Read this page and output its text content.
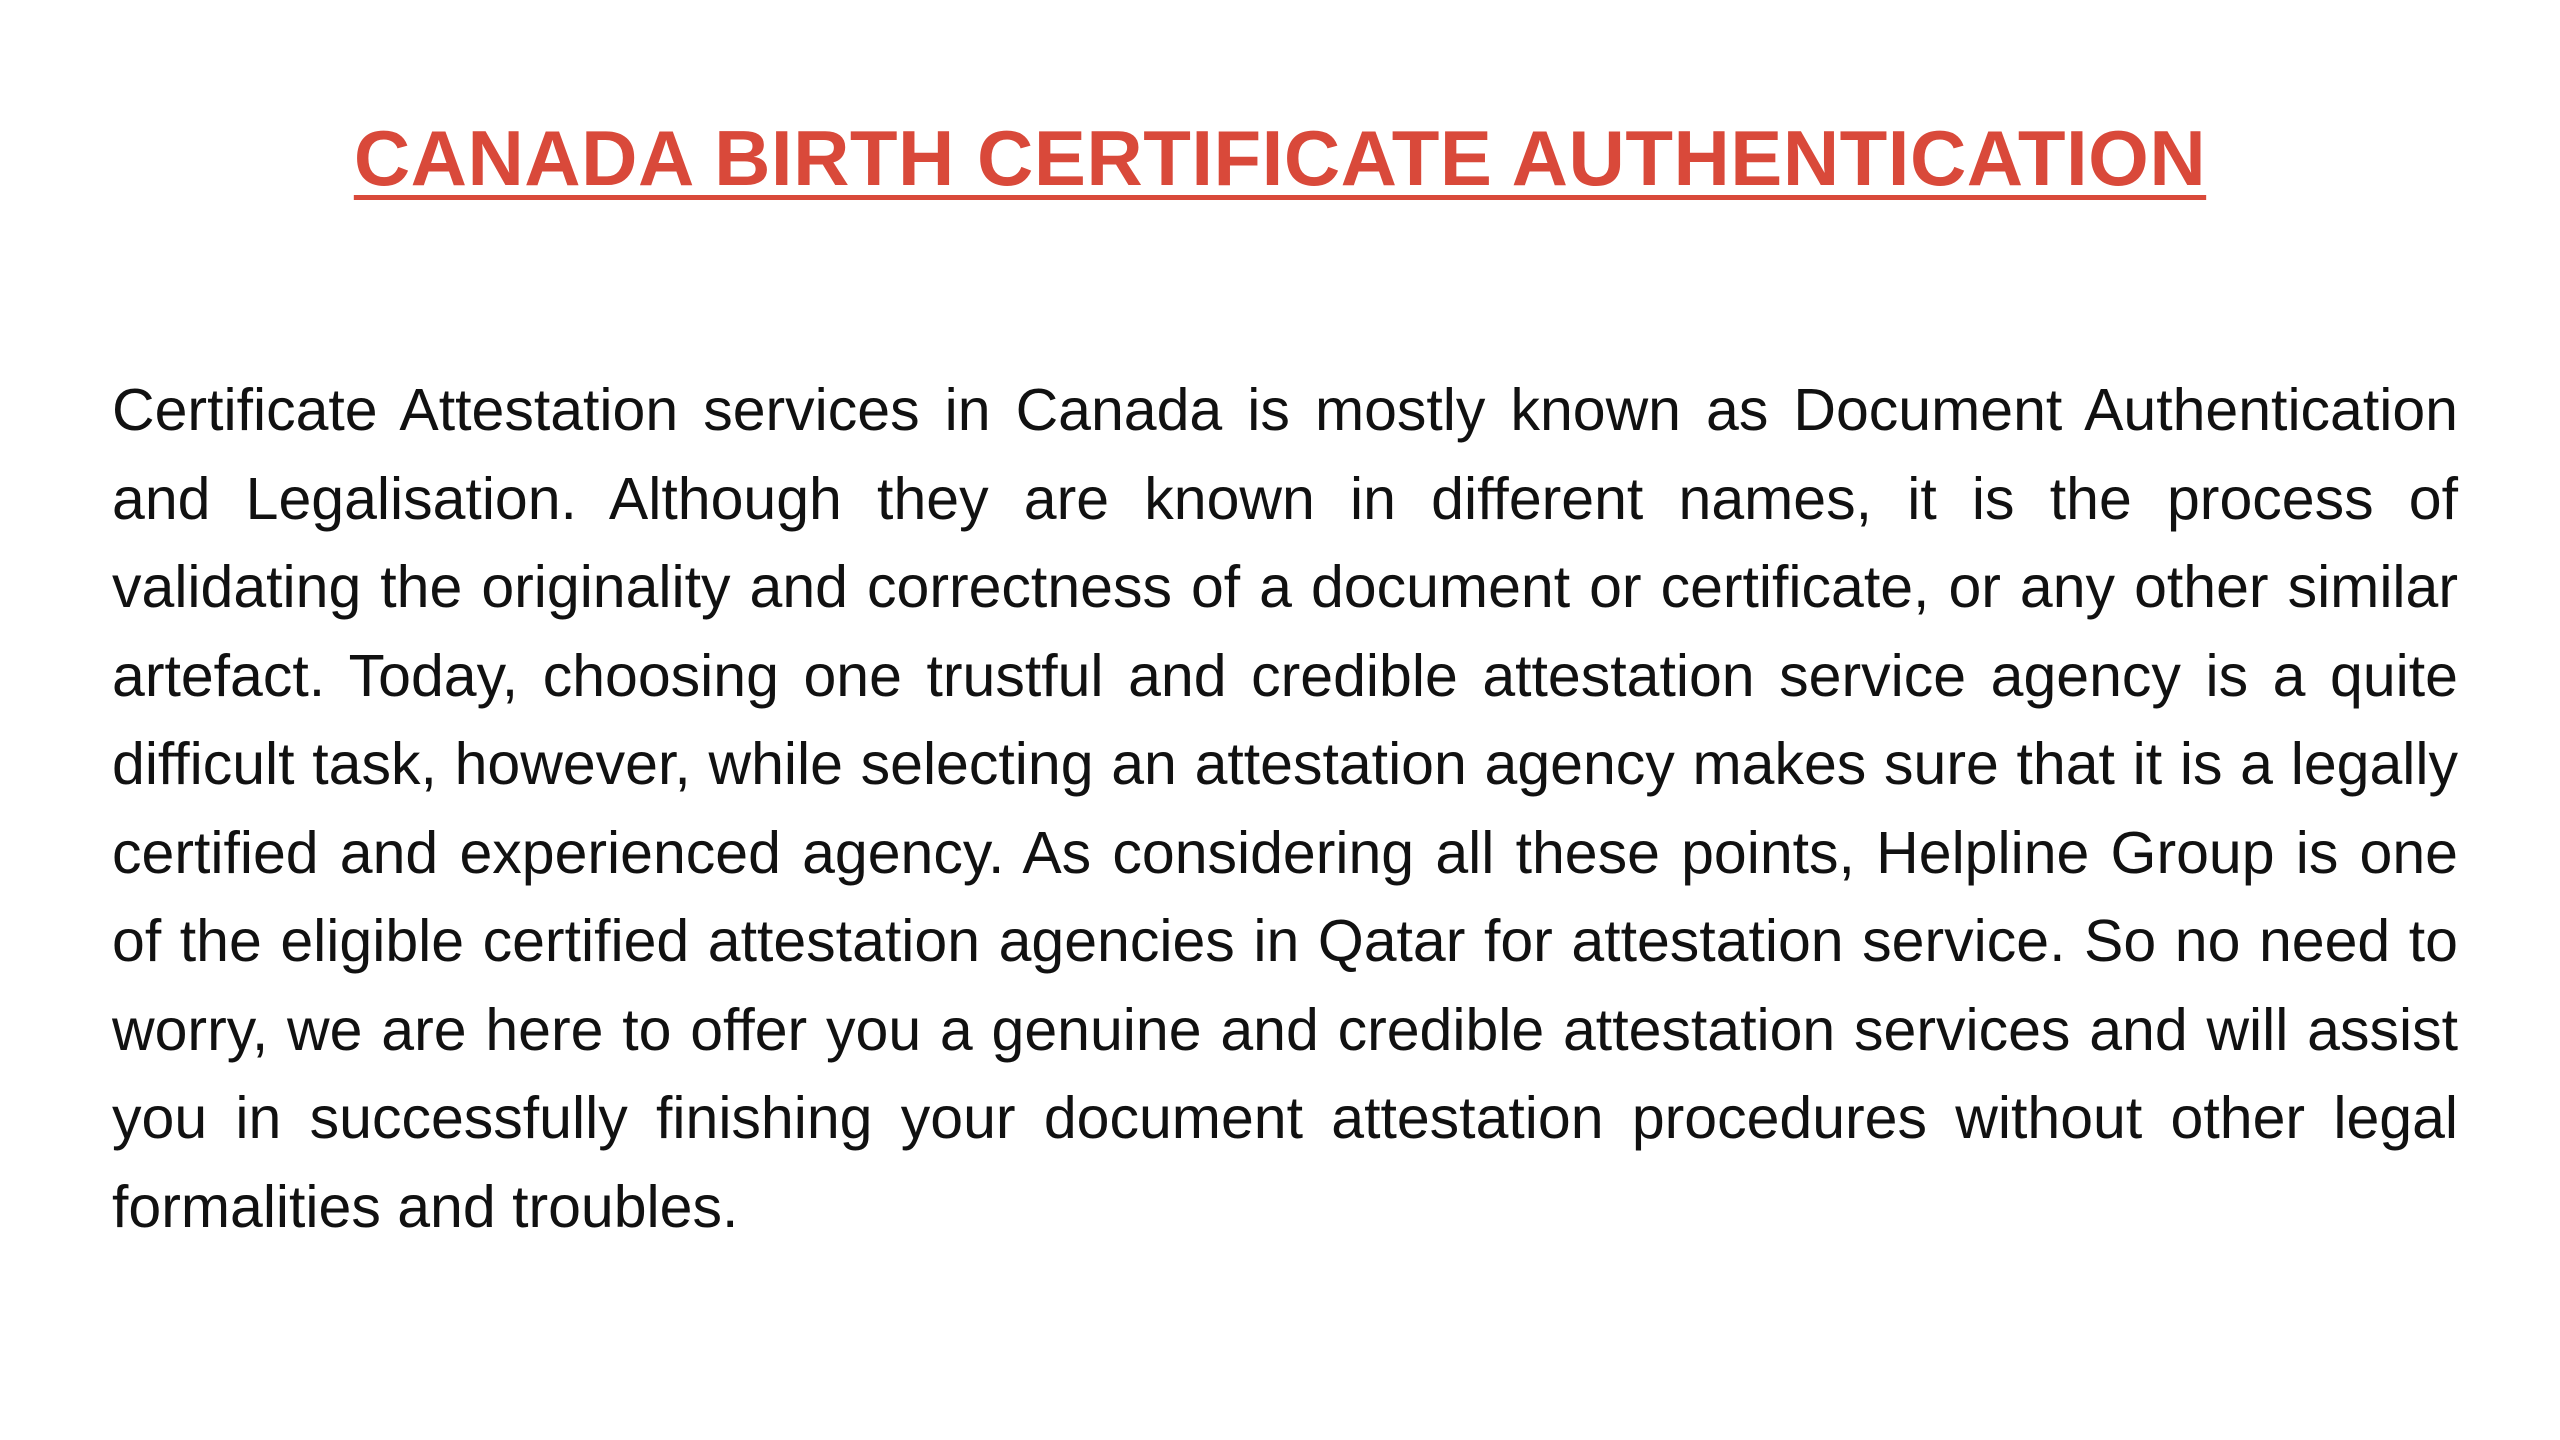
CANADA BIRTH CERTIFICATE AUTHENTICATION

Certificate Attestation services in Canada is mostly known as Document Authentication and Legalisation. Although they are known in different names, it is the process of validating the originality and correctness of a document or certificate, or any other similar artefact. Today, choosing one trustful and credible attestation service agency is a quite difficult task, however, while selecting an attestation agency makes sure that it is a legally certified and experienced agency. As considering all these points, Helpline Group is one of the eligible certified attestation agencies in Qatar for attestation service. So no need to worry, we are here to offer you a genuine and credible attestation services and will assist you in successfully finishing your document attestation procedures without other legal formalities and troubles.
